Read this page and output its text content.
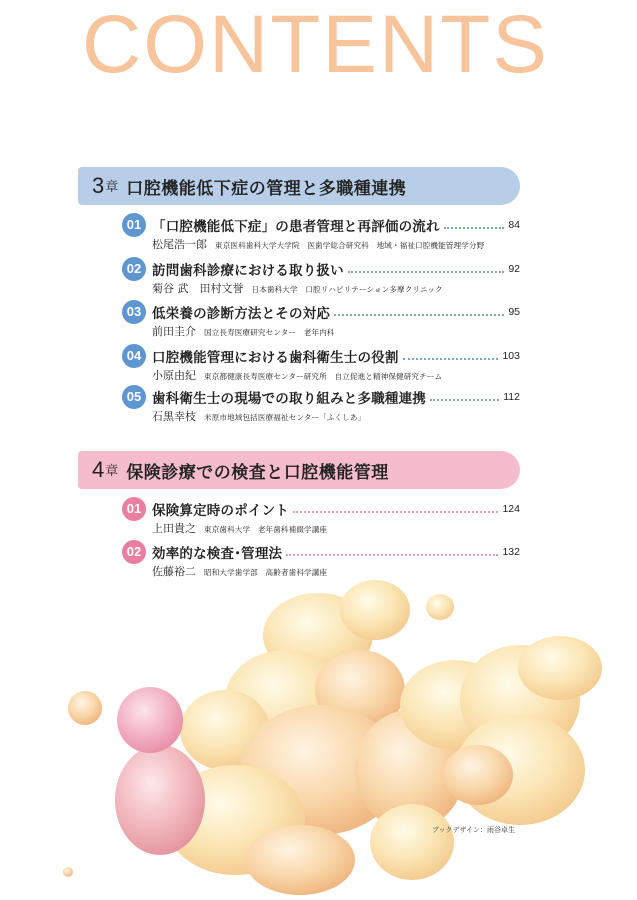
CONTENTS
3 章 口腔機能低下症の管理と多職種連携
01 「口腔機能低下症」の患者管理と再評価の流れ	84
松尾浩一郎 東京医科歯科大学大学院　医歯学総合研究科　地域・福祉口腔機能管理学分野
02 訪問歯科診療における取り扱い	92
菊谷 武　田村文誉 日本歯科大学　口腔リハビリテーション多摩クリニック
03 低栄養の診断方法とその対応	95
前田圭介 国立長寿医療研究センター　老年内科
04 口腔機能管理における歯科衛生士の役割	103
小原由紀 東京都健康長寿医療センター研究所　自立促進と精神保健研究チーム
05 歯科衛生士の現場での取り組みと多職種連携	112
石黒幸枝 米原市地域包括医療福祉センター「ふくしあ」
4 章 保険診療での検査と口腔機能管理
01 保険算定時のポイント	124
上田貴之 東京歯科大学　老年歯科補綴学講座
02 効率的な検査･管理法	132
佐藤裕二 昭和大学歯学部　高齢者歯科学講座
ブックデザイン：雨谷卓生
